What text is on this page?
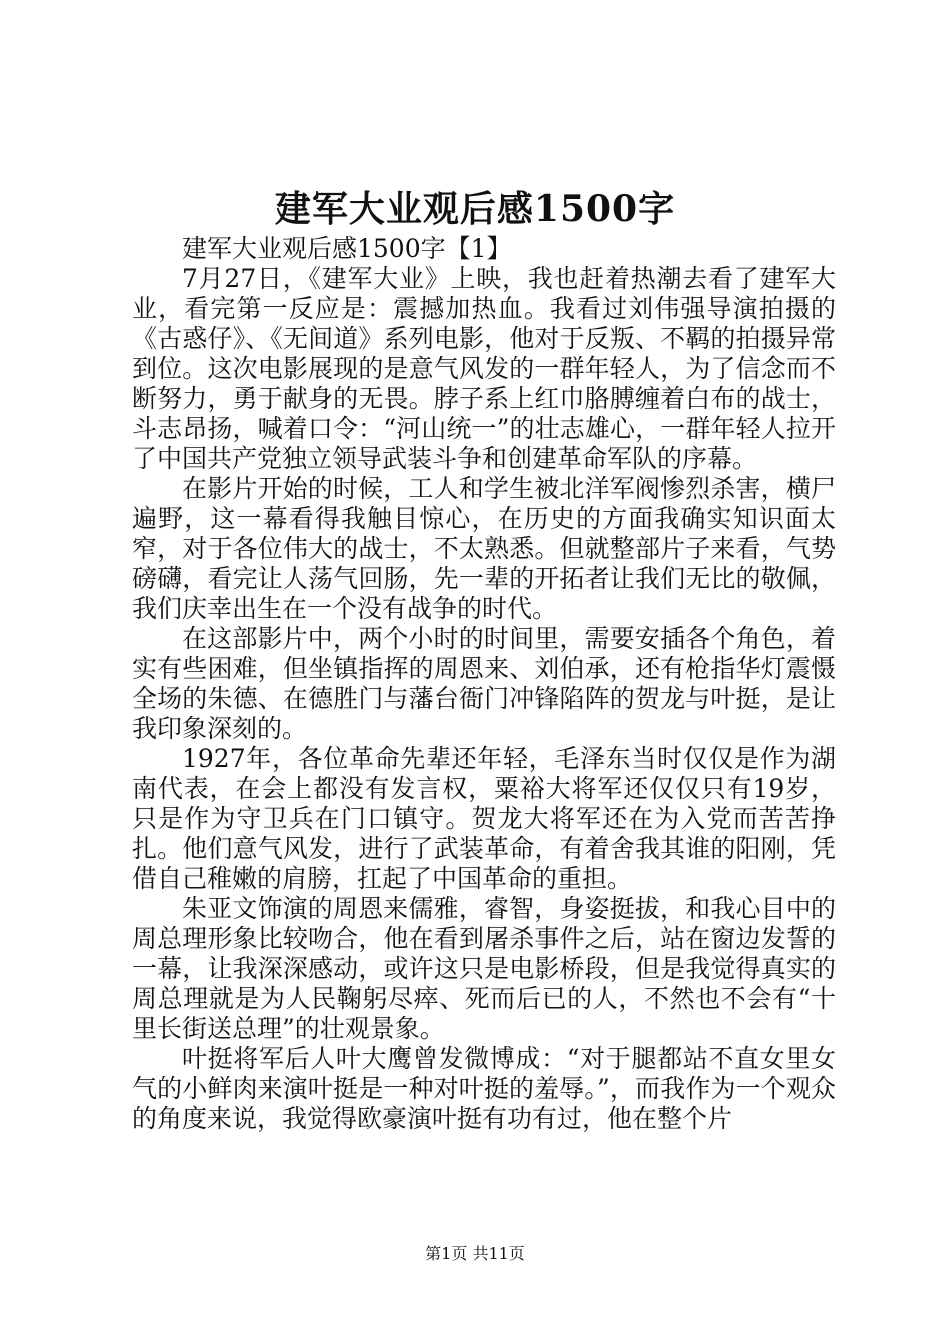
建军大业观后感1500字

建军大业观后感1500字【1】

7月27日，《建军大业》上映，我也赶着热潮去看了建军大业，看完第一反应是：震撼加热血。我看过刘伟强导演拍摄的《古惑仔》、《无间道》系列电影，他对于反叛、不羁的拍摄异常到位。这次电影展现的是意气风发的一群年轻人，为了信念而不断努力，勇于献身的无畏。脖子系上红巾胳膊缠着白布的战士，斗志昂扬，喊着口令：“河山统一”的壮志雄心，一群年轻人拉开了中国共产党独立领导武装斗争和创建革命军队的序幕。

在影片开始的时候，工人和学生被北洋军阀惨烈杀害，横尸遍野，这一幕看得我触目惊心，在历史的方面我确实知识面太窄，对于各位伟大的战士，不太熟悉。但就整部片子来看，气势磅礴，看完让人荡气回肠，先一辈的开拓者让我们无比的敬佩，我们庆幸出生在一个没有战争的时代。

在这部影片中，两个小时的时间里，需要安插各个角色，着实有些困难，但坐镇指挥的周恩来、刘伯承，还有枪指华灯震慑全场的朱德、在德胜门与藩台衙门冲锋陷阵的贺龙与叶挺，是让我印象深刻的。

1927年，各位革命先辈还年轻，毛泽东当时仅仅是作为湖南代表，在会上都没有发言权，粟裕大将军还仅仅只有19岁，只是作为守卫兵在门口镇守。贺龙大将军还在为入党而苦苦挣扎。他们意气风发，进行了武装革命，有着舍我其谁的阳刚，凭借自己稚嫩的肩膀，扛起了中国革命的重担。

朱亚文饰演的周恩来儒雅，睿智，身姿挺拔，和我心目中的周总理形象比较吻合，他在看到屠杀事件之后，站在窗边发誓的一幕，让我深深感动，或许这只是电影桥段，但是我觉得真实的周总理就是为人民鞠躬尽瘁、死而后已的人，不然也不会有“十里长街送总理”的壮观景象。

叶挺将军后人叶大鹰曾发微博成：“对于腿都站不直女里女气的小鲜肉来演叶挺是一种对叶挺的羞辱。”，而我作为一个观众的角度来说，我觉得欧豪演叶挺有功有过，他在整个片

第1页 共11页
